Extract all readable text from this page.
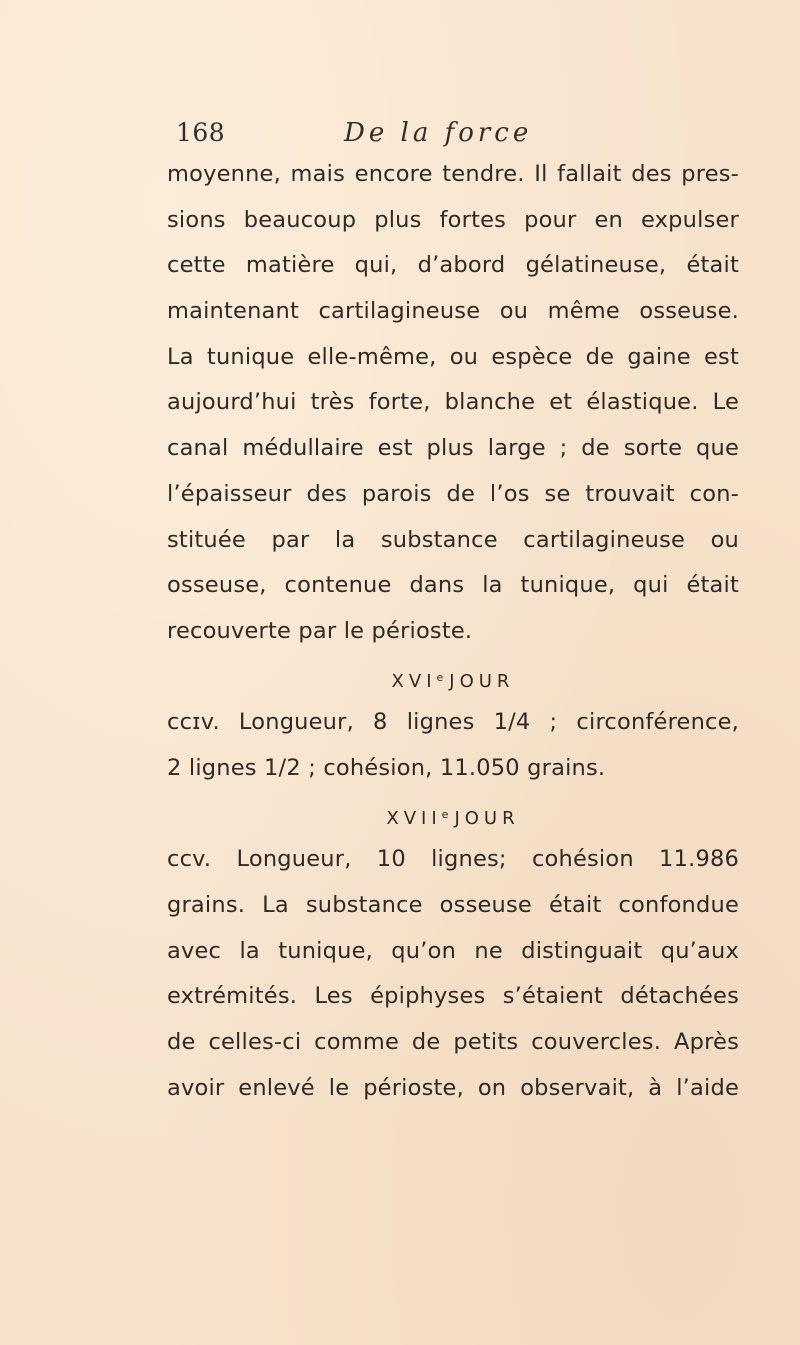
168	De la force
moyenne, mais encore tendre. Il fallait des pres-
sions beaucoup plus fortes pour en expulser
cette matière qui, d’abord gélatineuse, était
maintenant cartilagineuse ou même osseuse.
La tunique elle-même, ou espèce de gaine est
aujourd’hui très forte, blanche et élastique. Le
canal médullaire est plus large ; de sorte que
l’épaisseur des parois de l’os se trouvait con-
stituée par la substance cartilagineuse ou
osseuse, contenue dans la tunique, qui était
recouverte par le périoste.
XVIe JOUR
ccɪv. Longueur, 8 lignes 1/4 ; circonférence,
2 lignes 1/2 ; cohésion, 11.050 grains.
XVIIe JOUR
ccv. Longueur, 10 lignes; cohésion 11.986
grains. La substance osseuse était confondue
avec la tunique, qu’on ne distinguait qu’aux
extrémités. Les épiphyses s’étaient détachées
de celles-ci comme de petits couvercles. Après
avoir enlevé le périoste, on observait, à l’aide
